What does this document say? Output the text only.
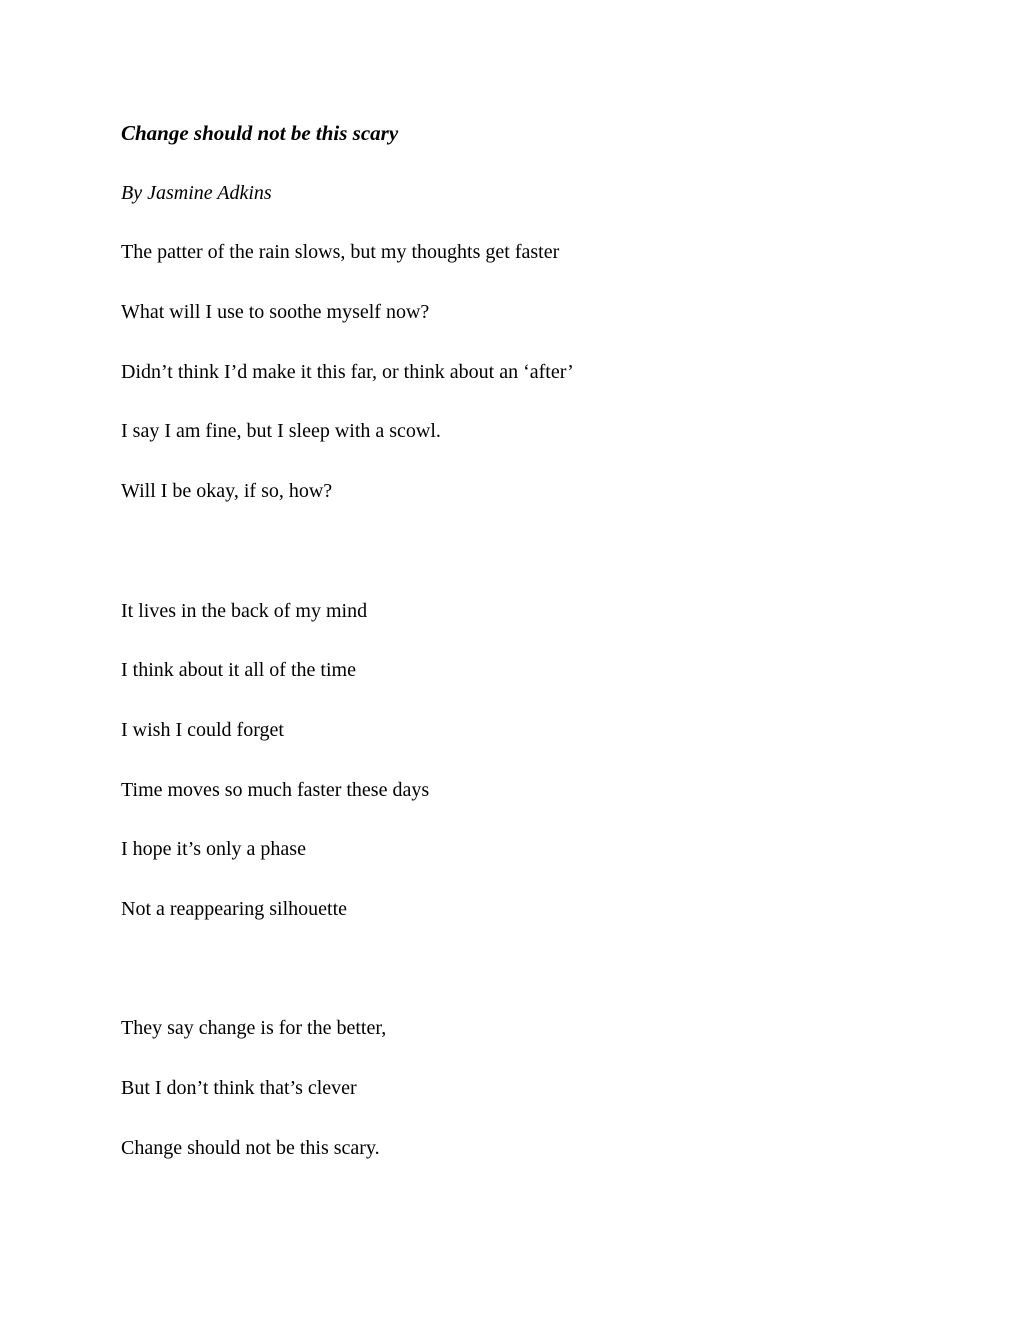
Change should not be this scary
By Jasmine Adkins
The patter of the rain slows, but my thoughts get faster
What will I use to soothe myself now?
Didn’t think I’d make it this far, or think about an ‘after’
I say I am fine, but I sleep with a scowl.
Will I be okay, if so, how?
It lives in the back of my mind
I think about it all of the time
I wish I could forget
Time moves so much faster these days
I hope it’s only a phase
Not a reappearing silhouette
They say change is for the better,
But I don’t think that’s clever
Change should not be this scary.
